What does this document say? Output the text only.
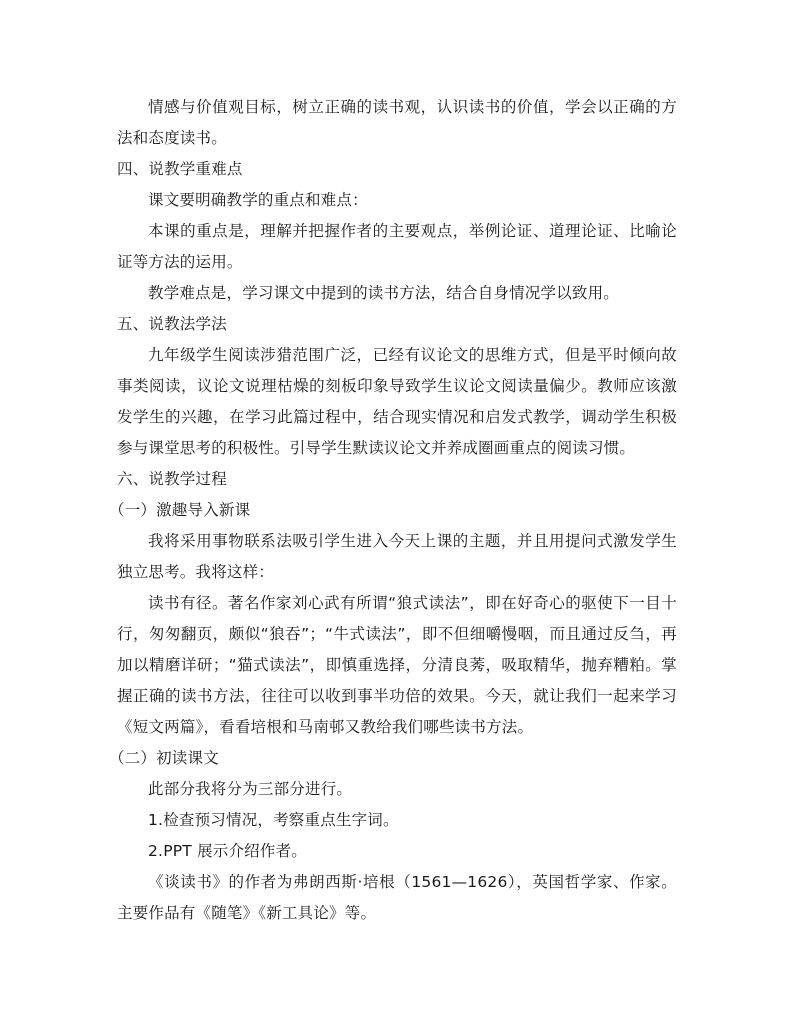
情感与价值观目标，树立正确的读书观，认识读书的价值，学会以正确的方法和态度读书。

四、说教学重难点

课文要明确教学的重点和难点：

本课的重点是，理解并把握作者的主要观点，举例论证、道理论证、比喻论证等方法的运用。

教学难点是，学习课文中提到的读书方法，结合自身情况学以致用。

五、说教法学法

九年级学生阅读涉猎范围广泛，已经有议论文的思维方式，但是平时倾向故事类阅读，议论文说理枯燥的刻板印象导致学生议论文阅读量偏少。教师应该激发学生的兴趣，在学习此篇过程中，结合现实情况和启发式教学，调动学生积极参与课堂思考的积极性。引导学生默读议论文并养成圈画重点的阅读习惯。

六、说教学过程

（一）激趣导入新课

我将采用事物联系法吸引学生进入今天上课的主题，并且用提问式激发学生独立思考。我将这样：

读书有径。著名作家刘心武有所谓“狼式读法”，即在好奇心的驱使下一目十行，匆匆翻页，颇似“狼吞”；“牛式读法”，即不但细嚼慢咽，而且通过反刍，再加以精磨详研；“猫式读法”，即慎重选择，分清良莠，吸取精华，抛弃糟粕。掌握正确的读书方法，往往可以收到事半功倍的效果。今天，就让我们一起来学习《短文两篇》，看看培根和马南邨又教给我们哪些读书方法。

（二）初读课文

此部分我将分为三部分进行。

1.检查预习情况，考察重点生字词。

2.PPT 展示介绍作者。

《谈读书》的作者为弗朗西斯·培根（1561—1626），英国哲学家、作家。主要作品有《随笔》《新工具论》等。
